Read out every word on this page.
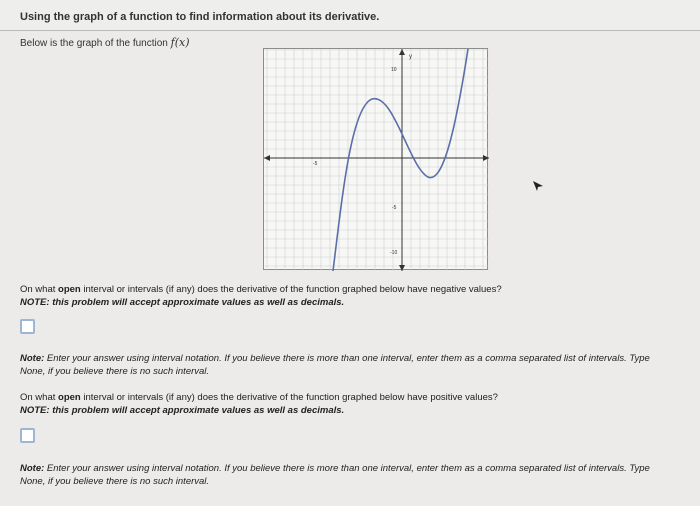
Using the graph of a function to find information about its derivative.
Below is the graph of the function f(x)
y
10
-5
-5
-10
On what open interval or intervals (if any) does the derivative of the function graphed below have negative values?
NOTE: this problem will accept approximate values as well as decimals.
Note: Enter your answer using interval notation. If you believe there is more than one interval, enter them as a comma separated list of intervals. Type
None, if you believe there is no such interval.
On what open interval or intervals (if any) does the derivative of the function graphed below have positive values?
NOTE: this problem will accept approximate values as well as decimals.
Note: Enter your answer using interval notation. If you believe there is more than one interval, enter them as a comma separated list of intervals. Type
None, if you believe there is no such interval.
